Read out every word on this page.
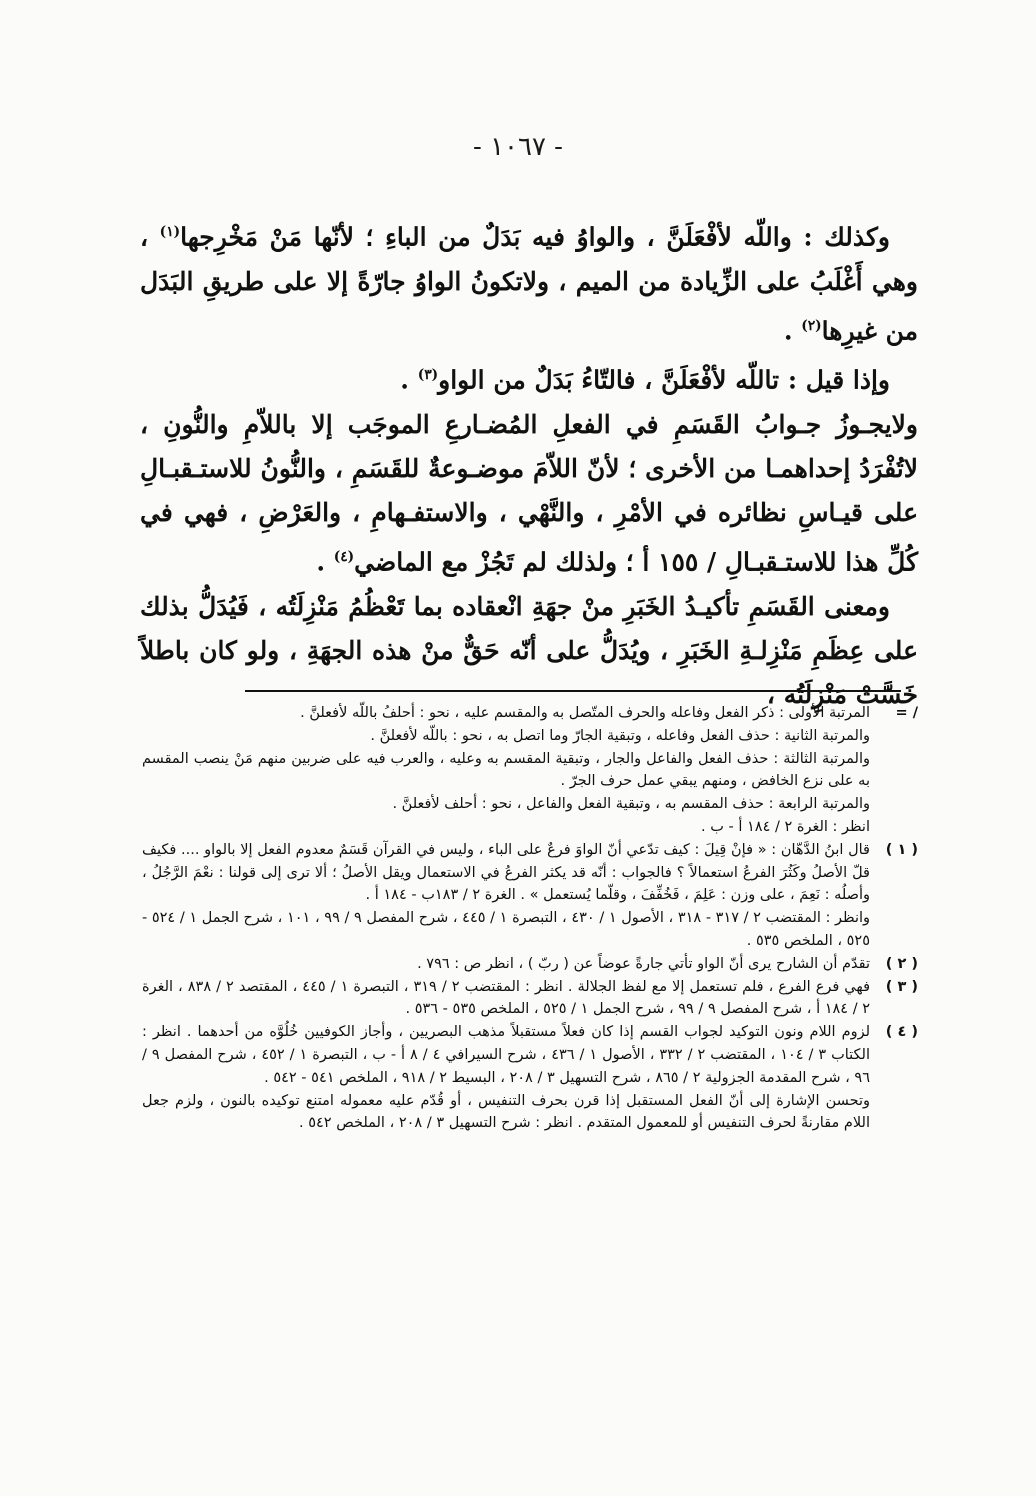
- ١٠٦٧ -

وكذلك : واللّه لأفْعَلَنَّ ، والواوُ فيه بَدَلٌ من الباءِ ؛ لأنّها مَنْ مَخْرِجها$^{(١)}$ ، وهي أَغْلَبُ على الزِّيادة من الميم ، ولاتكونُ الواوُ جارّةً إلا على طريقِ البَدَل من غيرِها$^{(٢)}$ .

وإذا قيل : تاللّه لأفْعَلَنَّ ، فالتّاءُ بَدَلٌ من الواو$^{(٣)}$ .

ولايجـوزُ جـوابُ القَسَمِ في الفعلِ المُضـارعِ الموجَب إلا باللاّمِ والنُّونِ ، لاتُفْرَدُ إحداهمـا من الأخرى ؛ لأنّ اللاّمَ موضـوعةٌ للقَسَمِ ، والنُّونُ للاستـقبـالِ على قيـاسِ نظائره في الأمْرِ ، والنَّهْي ، والاستفـهامِ ، والعَرْضِ ، فهي في كُلِّ هذا للاستـقبـالِ / ١٥٥ أ ؛ ولذلك لم تَجُزْ مع الماضي$^{(٤)}$ .

ومعنى القَسَمِ تأكيـدُ الخَبَرِ منْ جهَةِ انْعقاده بما تَعْظُمُ مَنْزِلَتُه ، فَيُدَلُّ بذلك على عِظَمِ مَنْزِلـةِ الخَبَرِ ، ويُدَلُّ على أنّه حَقٌّ منْ هذه الجهَةِ ، ولو كان باطلاً خَسَّتْ مَنْزِلَتُه ،

/ =

المرتبة الأولى : ذكر الفعل وفاعله والحرف المتّصل به والمقسم عليه ، نحو : أحلفُ باللّه لأفعلنَّ .

والمرتبة الثانية : حذف الفعل وفاعله ، وتبقية الجارّ وما اتصل به ، نحو : باللّه لأفعلنَّ .

والمرتبة الثالثة : حذف الفعل والفاعل والجار ، وتبقية المقسم به وعليه ، والعرب فيه على ضربين منهم مَنْ ينصب المقسم به على نزع الخافض ، ومنهم يبقي عمل حرف الجرّ .

والمرتبة الرابعة : حذف المقسم به ، وتبقية الفعل والفاعل ، نحو : أحلف لأفعلنَّ .

انظر : الغرة ٢ / ١٨٤ أ - ب .

( ١ )

قال ابنُ الدَّهّان : « فإنْ قِيلَ : كيف تدّعي أنّ الواوَ فرعٌ على الباء ، وليس في القرآن قَسَمٌ معدوم الفعل إلا بالواو .... فكيف قلّ الأصلُ وكَثُرَ الفرعُ استعمالاً ؟ فالجواب : أنّه قد يكثر الفرعُ في الاستعمال ويقل الأصلُ ؛ ألا ترى إلى قولنا : نعْمَ الرَّجُلُ ، وأصلُه : نَعِمَ ، على وزن : عَلِمَ ، فَخُفِّفَ ، وقلّما يُستعمل » . الغرة ٢ / ١٨٣ب - ١٨٤ أ .

وانظر : المقتضب ٢ / ٣١٧ - ٣١٨ ، الأصول ١ / ٤٣٠ ، التبصرة ١ / ٤٤٥ ، شرح المفصل ٩ / ٩٩ ، ١٠١ ، شرح الجمل ١ / ٥٢٤ - ٥٢٥ ، الملخص ٥٣٥ .

( ٢ )

تقدّم أن الشارح يرى أنّ الواو تأتي جارةً عوضاً عن ( ربّ ) ، انظر ص : ٧٩٦ .

( ٣ )

فهي فرع الفرع ، فلم تستعمل إلا مع لفظ الجلالة . انظر : المقتضب ٢ / ٣١٩ ، التبصرة ١ / ٤٤٥ ، المقتصد ٢ / ٨٣٨ ، الغرة ٢ / ١٨٤ أ ، شرح المفصل ٩ / ٩٩ ، شرح الجمل ١ / ٥٢٥ ، الملخص ٥٣٥ - ٥٣٦ .

( ٤ )

لزوم اللام ونون التوكيد لجواب القسم إذا كان فعلاً مستقبلاً مذهب البصريين ، وأجاز الكوفيين خُلُوَّه من أحدهما . انظر : الكتاب ٣ / ١٠٤ ، المقتضب ٢ / ٣٣٢ ، الأصول ١ / ٤٣٦ ، شرح السيرافي ٤ / ٨ أ - ب ، التبصرة ١ / ٤٥٢ ، شرح المفصل ٩ / ٩٦ ، شرح المقدمة الجزولية ٢ / ٨٦٥ ، شرح التسهيل ٣ / ٢٠٨ ، البسيط ٢ / ٩١٨ ، الملخص ٥٤١ - ٥٤٢ .

وتحسن الإشارة إلى أنّ الفعل المستقبل إذا قرن بحرف التنفيس ، أو قُدّم عليه معموله امتنع توكيده بالنون ، ولزم جعل اللام مقارنةً لحرف التنفيس أو للمعمول المتقدم . انظر : شرح التسهيل ٣ / ٢٠٨ ، الملخص ٥٤٢ .
